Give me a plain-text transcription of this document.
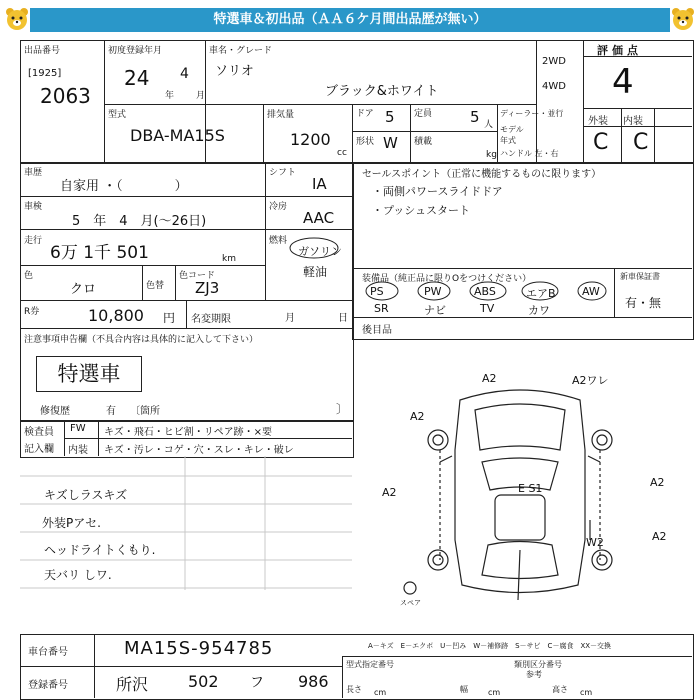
特選車＆初出品（ＡＡ６ケ月間出品歴が無い）
出品番号
[1925]
2063
初度登録年月
24 4
年 月
車名・グレード
ソリオ
ブラック&ホワイト
2WD
4WD
評価点
4
外装 内装
C C
型式
DBA-MA15S
排気量
1200
cc
ドア 5
形状 W
定員	5 人
積載
kg
ディーラー・並行
モデル年式
ハンドル 左・右
車歴
自家用 ・（　　　　）
車検
5　年　4　月(～26日)
走行
6万 1千 501	km
色
クロ	色替
色コード
ZJ3
R券	10,800 円 名変期限	月	日
シフト
IA
冷房
AAC
燃料
ガソリン
軽油
注意事項申告欄（不具合内容は具体的に記入して下さい）
特選車
修復歴	有 〔箇所	〕
セールスポイント（正常に機能するものに限ります）
・両側パワースライドドア
・プッシュスタート
装備品（純正品に限りOをつけください）	新車保証書
有・無
後目品
PS	PW	ABS	エアB AW
SR	ナビ	TV	カワ
検査員
記入欄
FW
内装
キズ・飛石・ヒビ割・リペア跡・×要
キズ・汚レ・コゲ・穴・スレ・キレ・破レ
キズしラスキズ
外装Pアセ.
ヘッドライトくもり.
天バリ しワ.
A2	A2ワレ
A2
A2
A2
A2
E S1
W2
スペア
車台番号	MA15S-954785
登録番号	所沢 502 フ 986
A－キズ　E－エクボ　U－凹み　W－補修跡　S－サビ　C－腐食　XX－交換
型式指定番号	類別区分番号
参考
長さ	幅	高さ
cm	cm	cm
